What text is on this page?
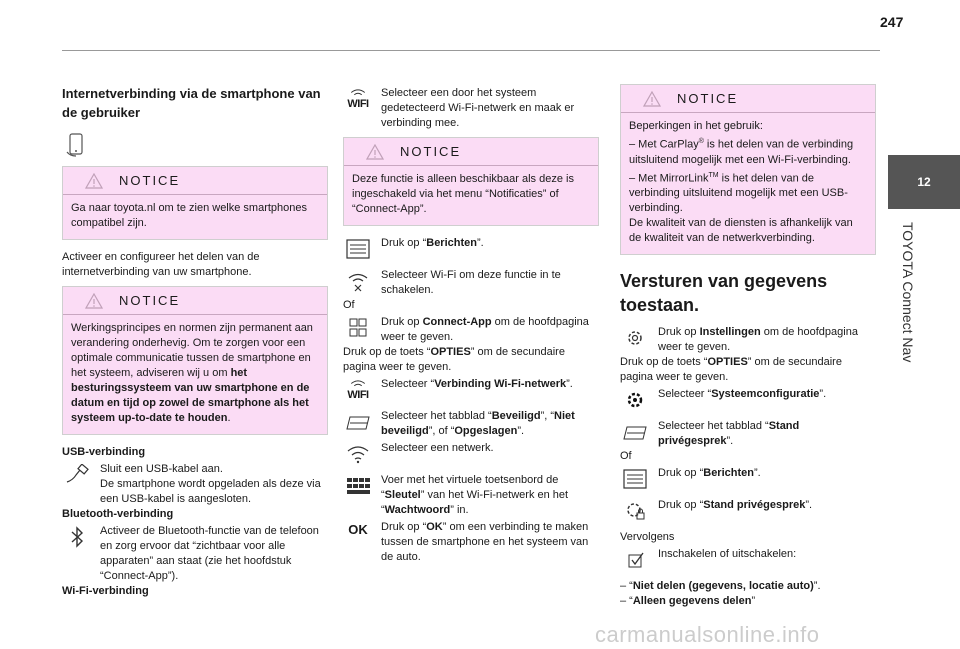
247
12
TOYOTA Connect Nav
Internetverbinding via de smartphone van de gebruiker
NOTICE
Ga naar toyota.nl om te zien welke smartphones compatibel zijn.

Activeer en configureer het delen van de internetverbinding van uw smartphone.

NOTICE
Werkingsprincipes en normen zijn permanent aan verandering onderhevig. Om te zorgen voor een optimale communicatie tussen de smartphone en het systeem, adviseren wij u om het besturingssysteem van uw smartphone en de datum en tijd op zowel de smartphone als het systeem up-to-date te houden.
USB-verbinding
Sluit een USB-kabel aan.
De smartphone wordt opgeladen als deze via een USB-kabel is aangesloten.
Bluetooth-verbinding
Activeer de Bluetooth-functie van de telefoon en zorg ervoor dat “zichtbaar voor alle apparaten” aan staat (zie het hoofdstuk “Connect-App”).
Wi-Fi-verbinding
WIFI
Selecteer een door het systeem gedetecteerd Wi-Fi-netwerk en maak er verbinding mee.
NOTICE
Deze functie is alleen beschikbaar als deze is ingeschakeld via het menu “Notificaties” of “Connect-App”.
Druk op “Berichten”.
Selecteer Wi-Fi om deze functie in te schakelen.
Of
Druk op Connect-App om de hoofdpagina weer te geven.
Druk op de toets “OPTIES” om de secundaire pagina weer te geven.
WIFI
Selecteer “Verbinding Wi-Fi-netwerk”.
Selecteer het tabblad “Beveiligd”, “Niet beveiligd”, of “Opgeslagen”.
Selecteer een netwerk.
Voer met het virtuele toetsenbord de “Sleutel” van het Wi-Fi-netwerk en het “Wachtwoord” in.
OK Druk op “OK” om een verbinding te maken tussen de smartphone en het systeem van de auto.
NOTICE
Beperkingen in het gebruik:
– Met CarPlay® is het delen van de verbinding uitsluitend mogelijk met een Wi-Fi-verbinding.
– Met MirrorLink™ is het delen van de verbinding uitsluitend mogelijk met een USB-verbinding.
De kwaliteit van de diensten is afhankelijk van de kwaliteit van de netwerkverbinding.
Versturen van gegevens toestaan.
Druk op Instellingen om de hoofdpagina weer te geven.
Druk op de toets “OPTIES” om de secundaire pagina weer te geven.
Selecteer “Systeemconfiguratie”.
Selecteer het tabblad “Stand privégesprek”.
Of
Druk op “Berichten”.
Druk op “Stand privégesprek”.
Vervolgens
Inschakelen of uitschakelen:
– “Niet delen (gegevens, locatie auto)”.
– “Alleen gegevens delen”
carmanualsonline.info
